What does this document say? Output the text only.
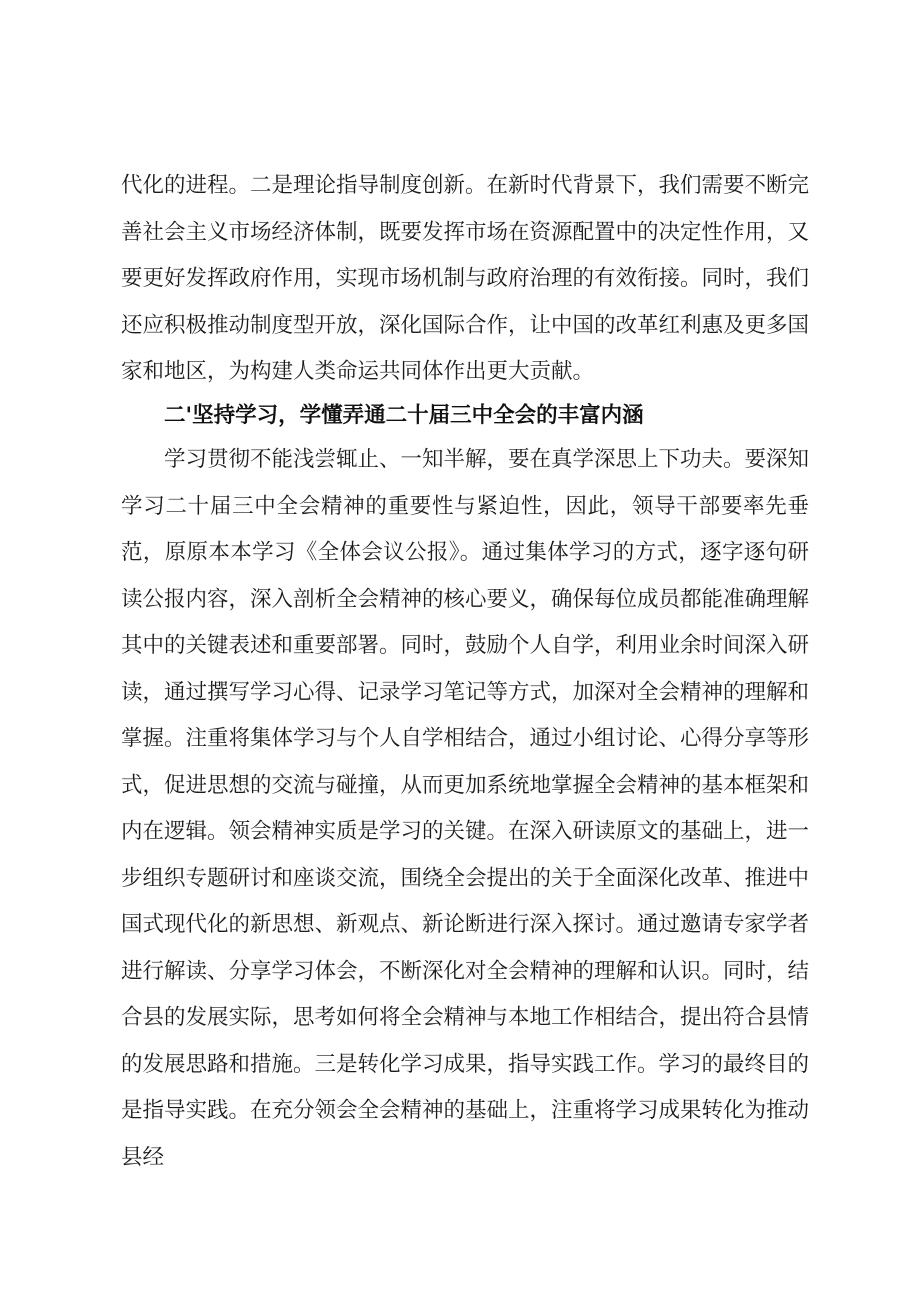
代化的进程。二是理论指导制度创新。在新时代背景下，我们需要不断完善社会主义市场经济体制，既要发挥市场在资源配置中的决定性作用，又要更好发挥政府作用，实现市场机制与政府治理的有效衔接。同时，我们还应积极推动制度型开放，深化国际合作，让中国的改革红利惠及更多国家和地区，为构建人类命运共同体作出更大贡献。
二'坚持学习，学懂弄通二十届三中全会的丰富内涵
学习贯彻不能浅尝辄止、一知半解，要在真学深思上下功夫。要深知学习二十届三中全会精神的重要性与紧迫性，因此，领导干部要率先垂范，原原本本学习《全体会议公报》。通过集体学习的方式，逐字逐句研读公报内容，深入剖析全会精神的核心要义，确保每位成员都能准确理解其中的关键表述和重要部署。同时，鼓励个人自学，利用业余时间深入研读，通过撰写学习心得、记录学习笔记等方式，加深对全会精神的理解和掌握。注重将集体学习与个人自学相结合，通过小组讨论、心得分享等形式，促进思想的交流与碰撞，从而更加系统地掌握全会精神的基本框架和内在逻辑。领会精神实质是学习的关键。在深入研读原文的基础上，进一步组织专题研讨和座谈交流，围绕全会提出的关于全面深化改革、推进中国式现代化的新思想、新观点、新论断进行深入探讨。通过邀请专家学者进行解读、分享学习体会，不断深化对全会精神的理解和认识。同时，结合县的发展实际，思考如何将全会精神与本地工作相结合，提出符合县情的发展思路和措施。三是转化学习成果，指导实践工作。学习的最终目的是指导实践。在充分领会全会精神的基础上，注重将学习成果转化为推动县经
